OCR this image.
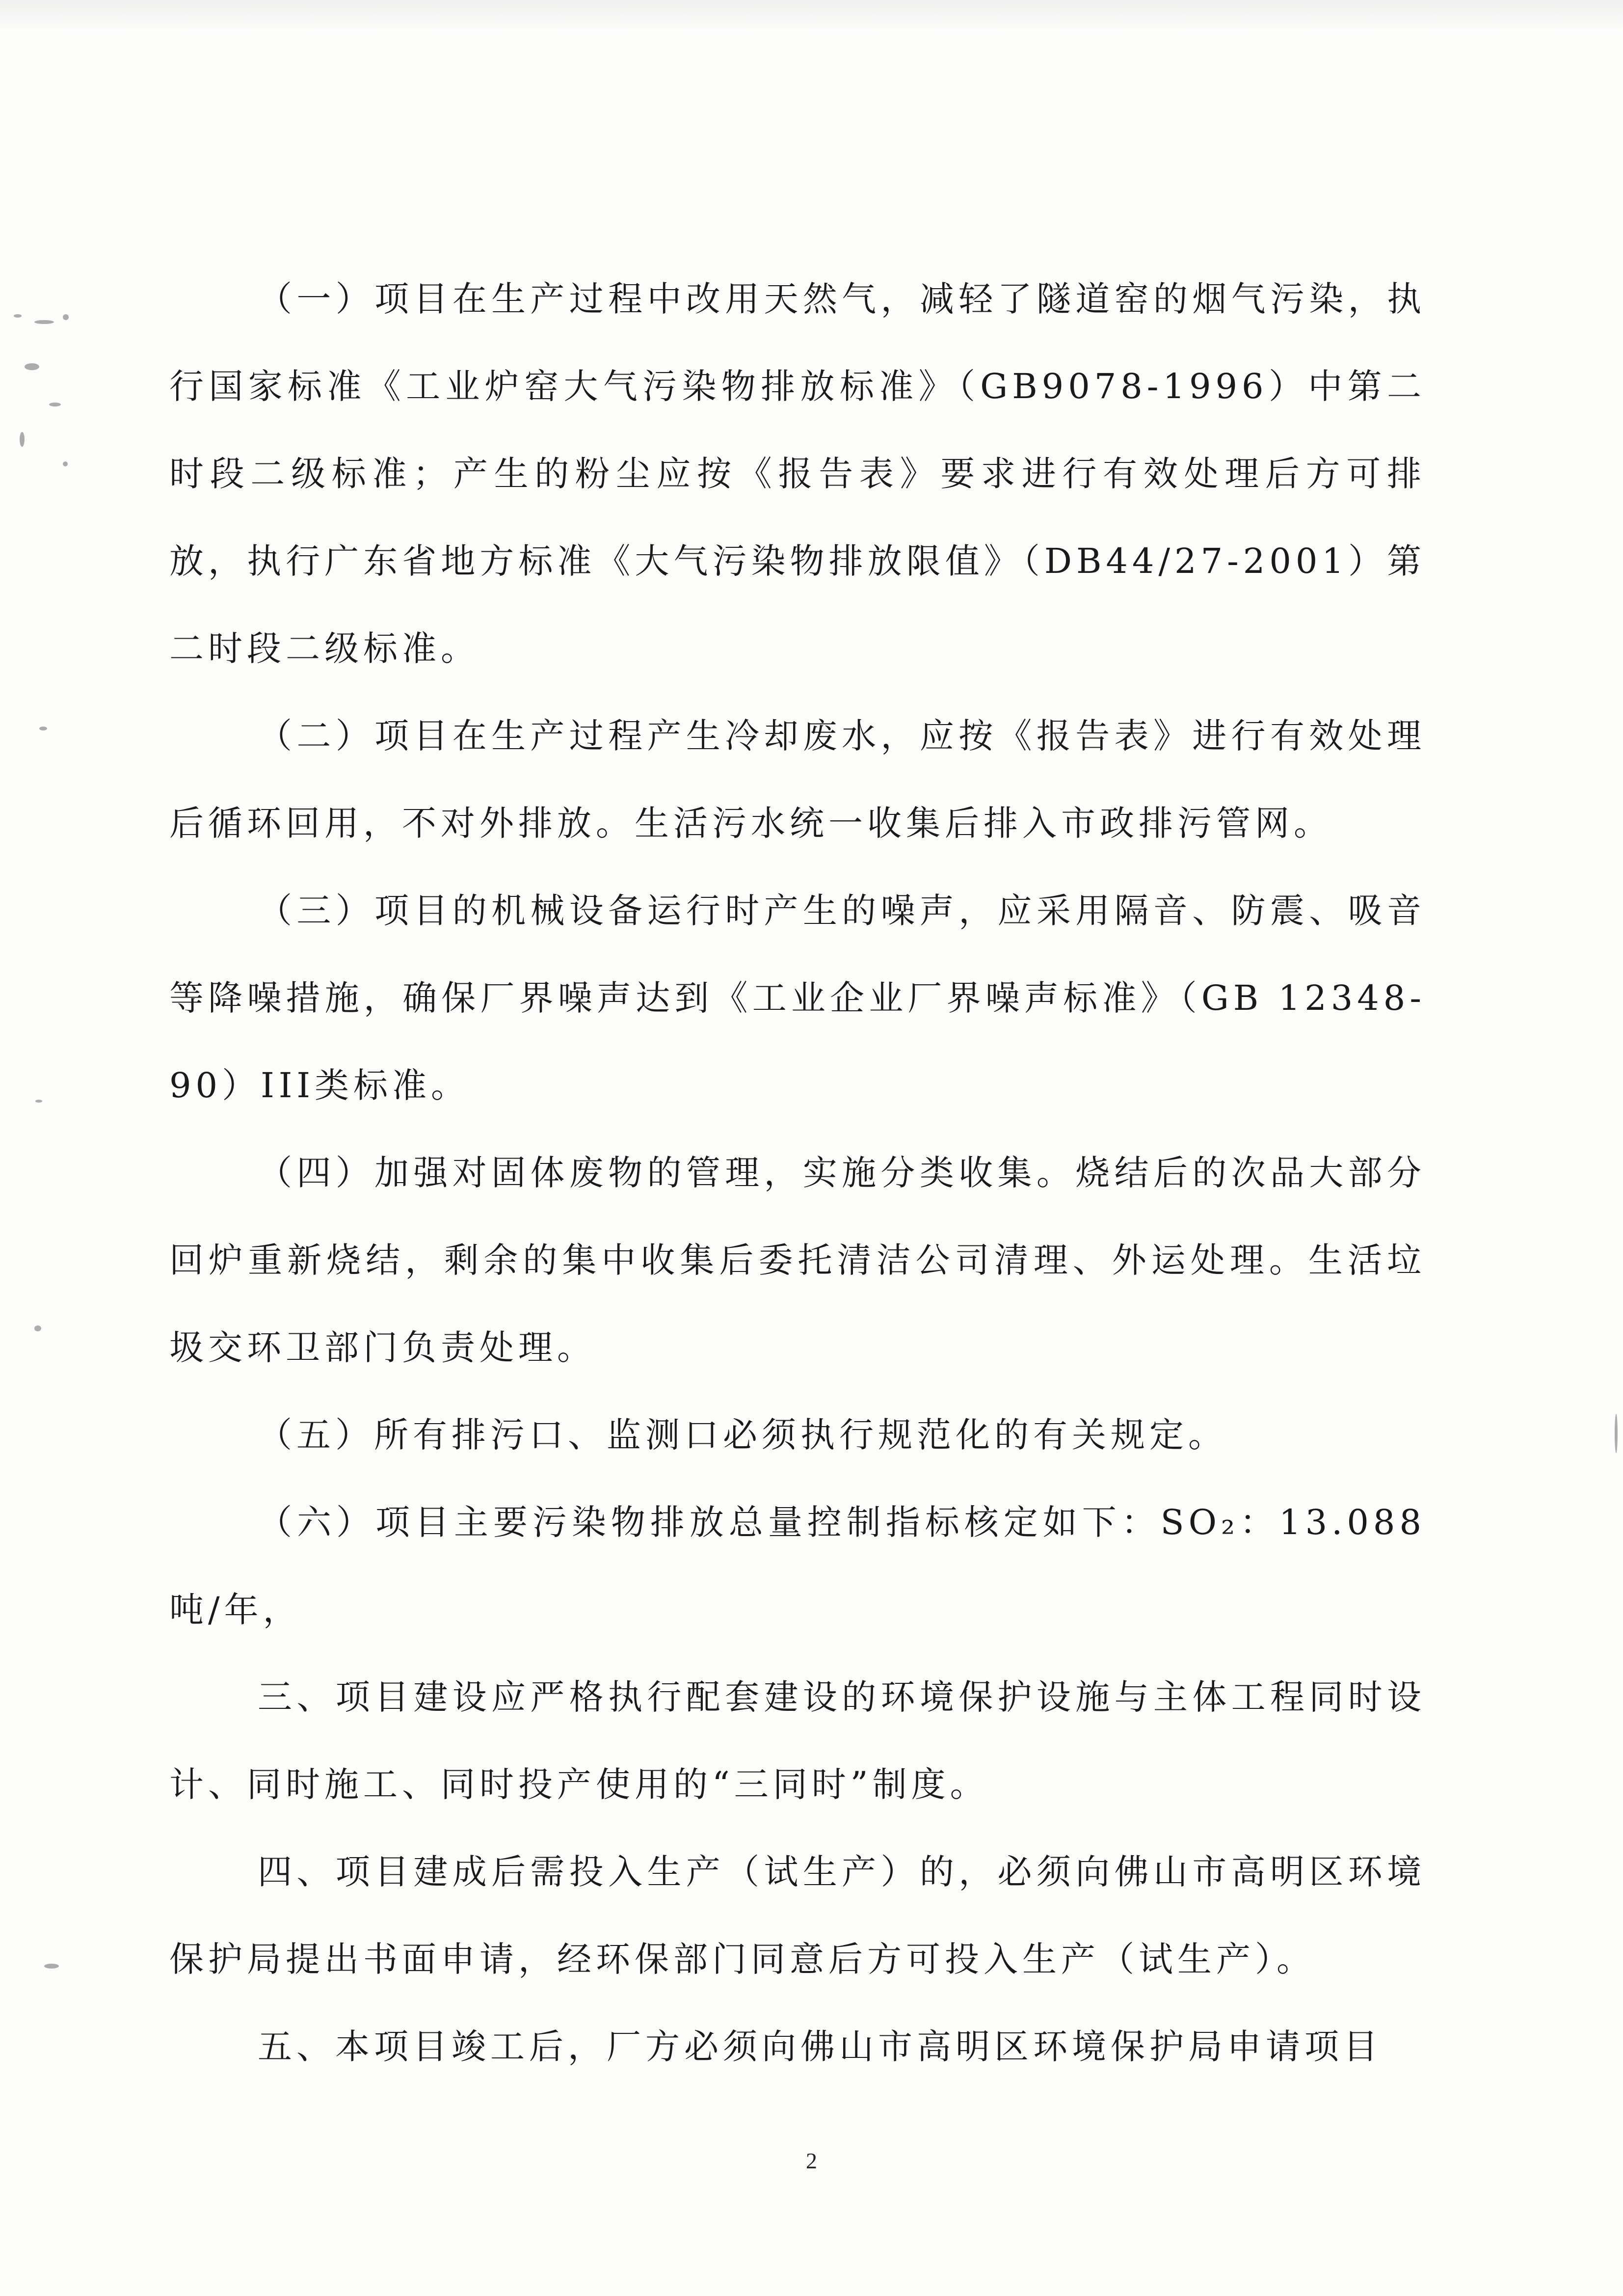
（一）项目在生产过程中改用天然气，减轻了隧道窑的烟气污染，执行国家标准《工业炉窑大气污染物排放标准》（GB9078-1996）中第二时段二级标准；产生的粉尘应按《报告表》要求进行有效处理后方可排放，执行广东省地方标准《大气污染物排放限值》（DB44/27-2001）第二时段二级标准。

（二）项目在生产过程产生冷却废水，应按《报告表》进行有效处理后循环回用，不对外排放。生活污水统一收集后排入市政排污管网。

（三）项目的机械设备运行时产生的噪声，应采用隔音、防震、吸音等降噪措施，确保厂界噪声达到《工业企业厂界噪声标准》（GB 12348-90）III类标准。

（四）加强对固体废物的管理，实施分类收集。烧结后的次品大部分回炉重新烧结，剩余的集中收集后委托清洁公司清理、外运处理。生活垃圾交环卫部门负责处理。

（五）所有排污口、监测口必须执行规范化的有关规定。

（六）项目主要污染物排放总量控制指标核定如下：SO₂：13.088吨/年，

三、项目建设应严格执行配套建设的环境保护设施与主体工程同时设计、同时施工、同时投产使用的“三同时”制度。

四、项目建成后需投入生产（试生产）的，必须向佛山市高明区环境保护局提出书面申请，经环保部门同意后方可投入生产（试生产）。

五、本项目竣工后，厂方必须向佛山市高明区环境保护局申请项目

2
